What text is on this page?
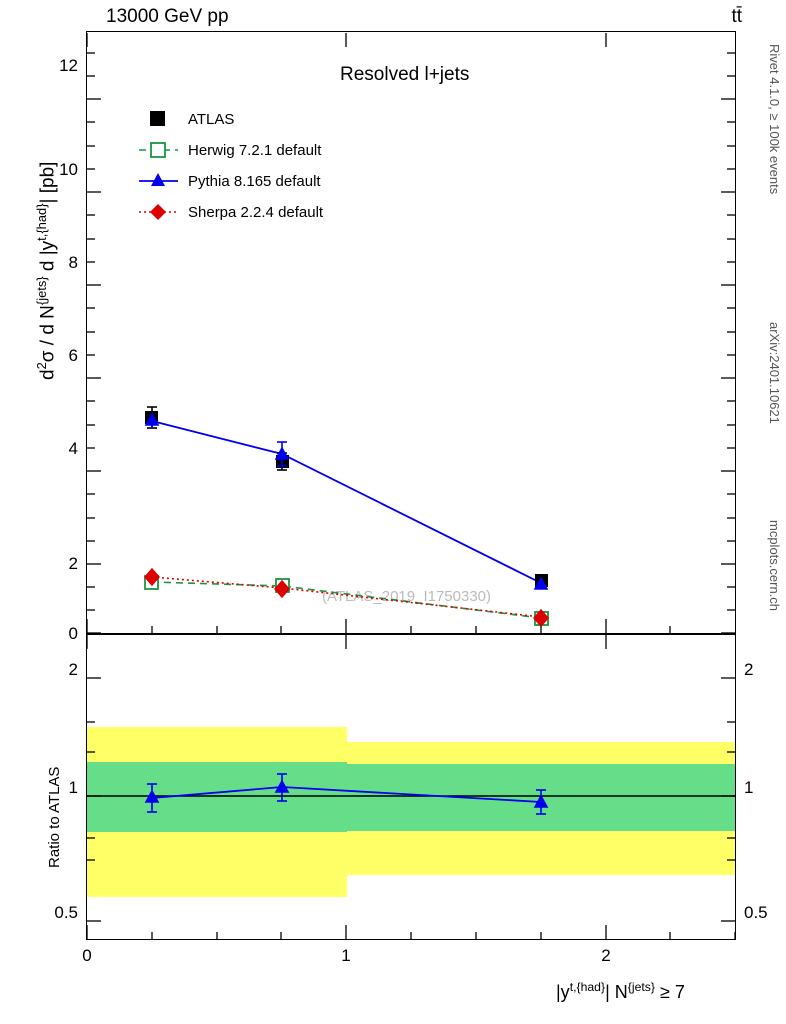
13000 GeV pp	tt̄
Rivet 4.1.0, ≥ 100k events
arXiv:2401.10621
mcplots.cern.ch
Resolved l+jets
$d^2\sigma$ / d $N^{\{jets\}}$ d $|y^{t,\{had\}}|$ [pb]
0
2
4
6
8
10
12
(ATLAS_2019_I1750330)
ATLAS
Herwig 7.2.1 default
Pythia 8.165 default
Sherpa 2.2.4 default
Ratio to ATLAS
0.5
1
2
0.5
1
2
0	1	2
$|y^{t,\{had\}}|$ $N^{\{jets\}} \ge 7$
